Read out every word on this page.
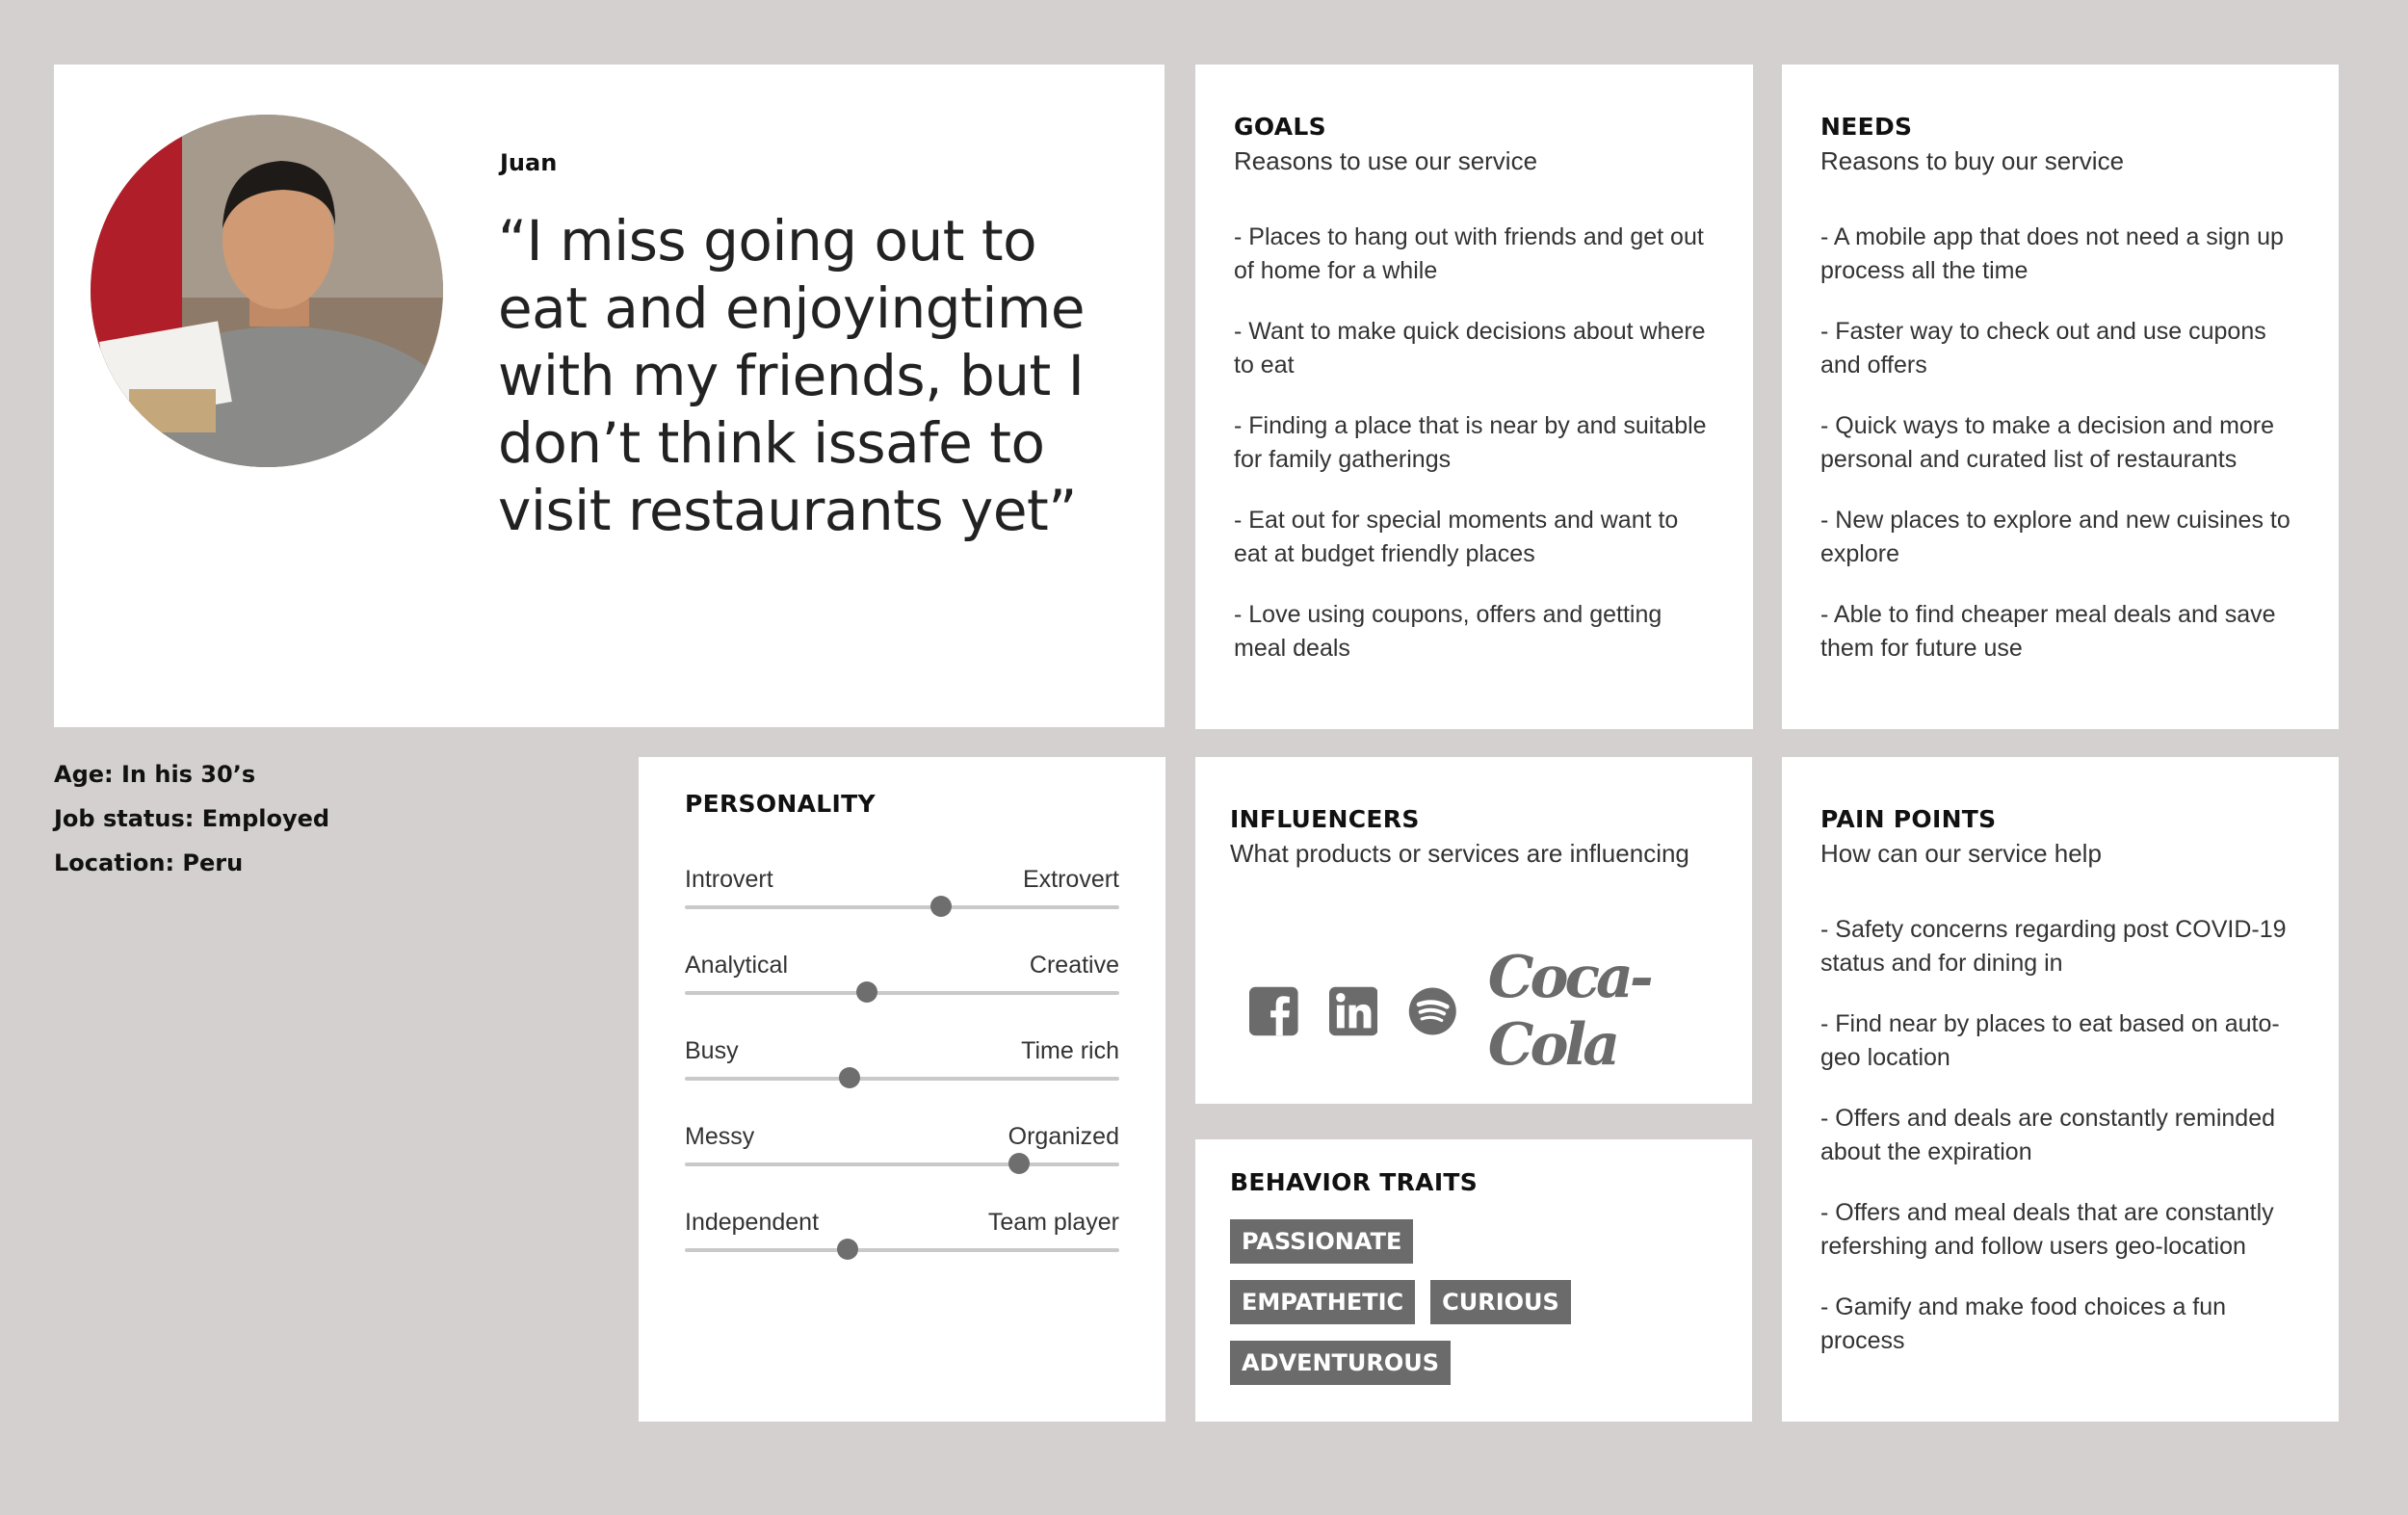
Juan
“I miss going out to eat and enjoyingtime with my friends, but I don’t think issafe to visit restaurants yet”
Age: In his 30’s
Job status: Employed
Location: Peru
GOALS
Reasons to use our service
- Places to hang out with friends and get out of home for a while
- Want to make quick decisions about where to eat
- Finding a place that is near by and suitable for family gatherings
- Eat out for special moments and want to eat at budget friendly places
- Love using coupons, offers and getting meal deals
NEEDS
Reasons to buy our service
- A mobile app that does not need a sign up process all the time
- Faster way to check out and use cupons and offers
- Quick ways to make a decision and more personal and curated list of restaurants
- New places to explore and new cuisines to explore
- Able to find cheaper meal deals and save them for future use
PERSONALITY
Introvert	Extrovert
Analytical	Creative
Busy	Time rich
Messy	Organized
Independent	Team player
INFLUENCERS
What products or services are influencing
Coca-Cola
BEHAVIOR TRAITS
PASSIONATE
EMPATHETIC	CURIOUS
ADVENTUROUS
PAIN POINTS
How can our service help
- Safety concerns regarding post COVID-19 status and for dining in
- Find near by places to eat based on auto-geo location
- Offers and deals are constantly reminded about the expiration
- Offers and meal deals that are constantly refershing and follow users geo-location
- Gamify and make food choices a fun process
